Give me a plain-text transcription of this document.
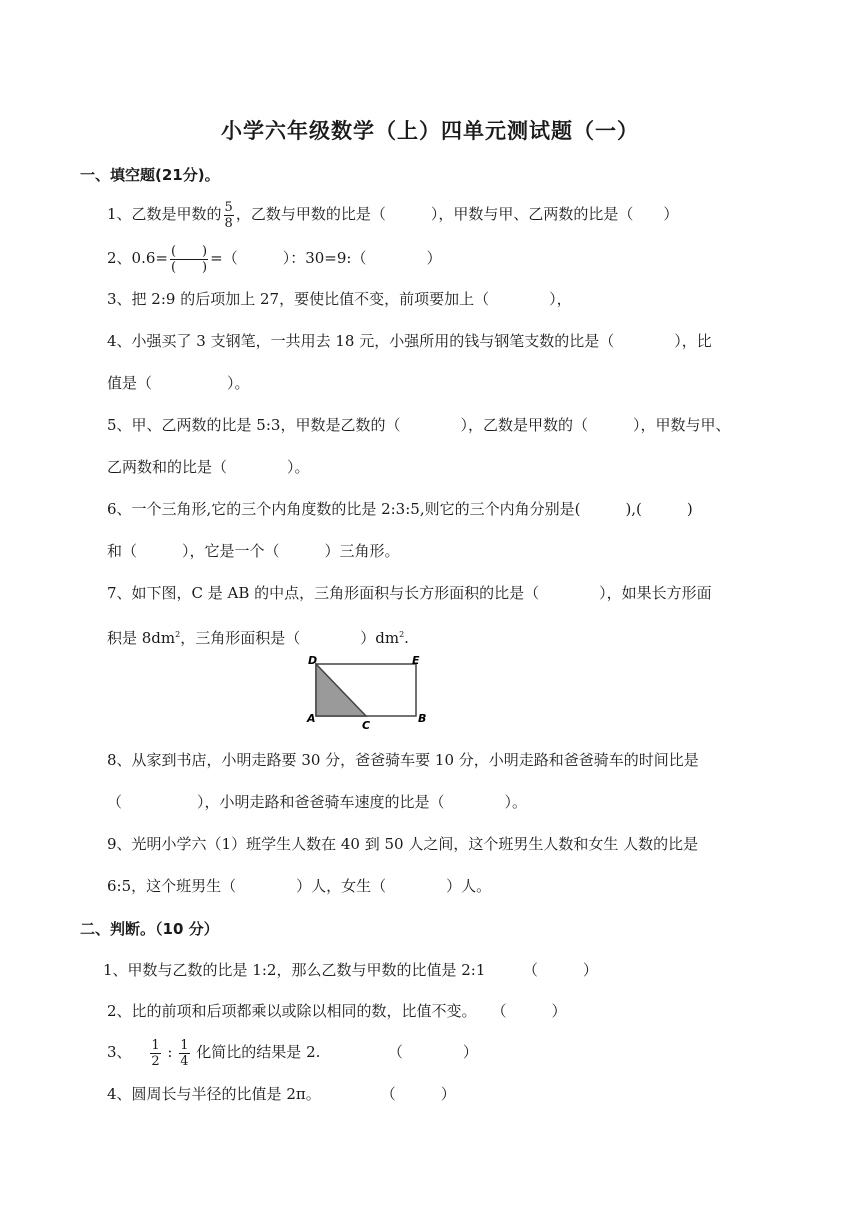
小学六年级数学（上）四单元测试题（一）
一、填空题(21分)。
1、乙数是甲数的 $\frac{5}{8}$ ，乙数与甲数的比是（　　　），甲数与甲、乙两数的比是（　　）
2、$0.6= \frac{( )}{( )}$ =（　　　）：30=9:（　　　　）
3、把 2:9 的后项加上 27，要使比值不变，前项要加上（　　　　），
4、小强买了 3 支钢笔，一共用去 18 元，小强所用的钱与钢笔支数的比是（　　　　），比
值是（　　　　　）。
5、甲、乙两数的比是 5:3，甲数是乙数的（　　　　），乙数是甲数的（　　　），甲数与甲、
乙两数和的比是（　　　　）。
6、一个三角形,它的三个内角度数的比是 2:3:5,则它的三个内角分别是(　　　),(　　　)
和（　　　），它是一个（　　　）三角形。
7、如下图，C 是 AB 的中点，三角形面积与长方形面积的比是（　　　　），如果长方形面
积是 $8dm^2$，三角形面积是（　　　　）$dm^2$.
D	E
A
C
B
8、从家到书店，小明走路要 30 分，爸爸骑车要 10 分，小明走路和爸爸骑车的时间比是
（　　　　　），小明走路和爸爸骑车速度的比是（　　　　）。
9、光明小学六（1）班学生人数在 40 到 50 人之间，这个班男生人数和女生 人数的比是
6:5，这个班男生（　　　　）人，女生（　　　　）人。
二、判断。（10 分）
1、甲数与乙数的比是 1:2，那么乙数与甲数的比值是 2:1　　　（　　　）
2、比的前项和后项都乘以或除以相同的数，比值不变。　　（　　　）
3、 $\frac{1}{2}$ : $\frac{1}{4}$ 化简比的结果是 2.　　　　　（　　　　）
4、圆周长与半径的比值是 2π。　　　　　（　　　）
